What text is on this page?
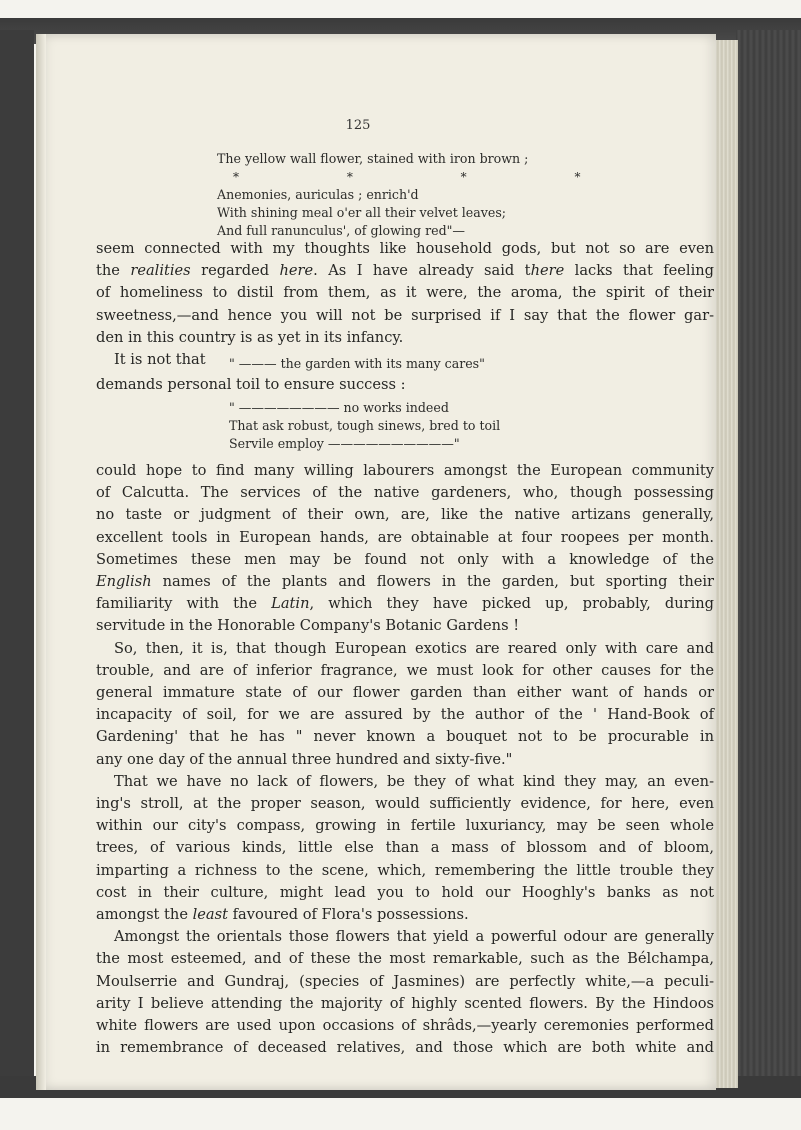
125

The yellow wall flower, stained with iron brown ;

* * * *

Anemonies, auriculas ; enrich'd

With shining meal o'er all their velvet leaves;

And full ranunculus', of glowing red"—

seem connected with my thoughts like household gods, but not so are even
the realities regarded here. As I have already said there lacks that feeling
of homeliness to distil from them, as it were, the aroma, the spirit of their
sweetness,—and hence you will not be surprised if I say that the flower gar-
den in this country is as yet in its infancy.
It is not that	" ——— the garden with its many cares"
demands personal toil to ensure success :

" ———————— no works indeed

That ask robust, tough sinews, bred to toil

Servile employ ——————————"

could hope to find many willing labourers amongst the European community
of Calcutta. The services of the native gardeners, who, though possessing
no taste or judgment of their own, are, like the native artizans generally,
excellent tools in European hands, are obtainable at four roopees per month.
Sometimes these men may be found not only with a knowledge of the
English names of the plants and flowers in the garden, but sporting their
familiarity with the Latin, which they have picked up, probably, during
servitude in the Honorable Company's Botanic Gardens !
So, then, it is, that though European exotics are reared only with care and
trouble, and are of inferior fragrance, we must look for other causes for the
general immature state of our flower garden than either want of hands or
incapacity of soil, for we are assured by the author of the ' Hand-Book of
Gardening' that he has " never known a bouquet not to be procurable in
any one day of the annual three hundred and sixty-five."
That we have no lack of flowers, be they of what kind they may, an even-
ing's stroll, at the proper season, would sufficiently evidence, for here, even
within our city's compass, growing in fertile luxuriancy, may be seen whole
trees, of various kinds, little else than a mass of blossom and of bloom,
imparting a richness to the scene, which, remembering the little trouble they
cost in their culture, might lead you to hold our Hooghly's banks as not
amongst the least favoured of Flora's possessions.
Amongst the orientals those flowers that yield a powerful odour are generally
the most esteemed, and of these the most remarkable, such as the Bélchampa,
Moulserrie and Gundraj, (species of Jasmines) are perfectly white,—a peculi-
arity I believe attending the majority of highly scented flowers. By the Hindoos
white flowers are used upon occasions of shrâds,—yearly ceremonies performed
in remembrance of deceased relatives, and those which are both white and
